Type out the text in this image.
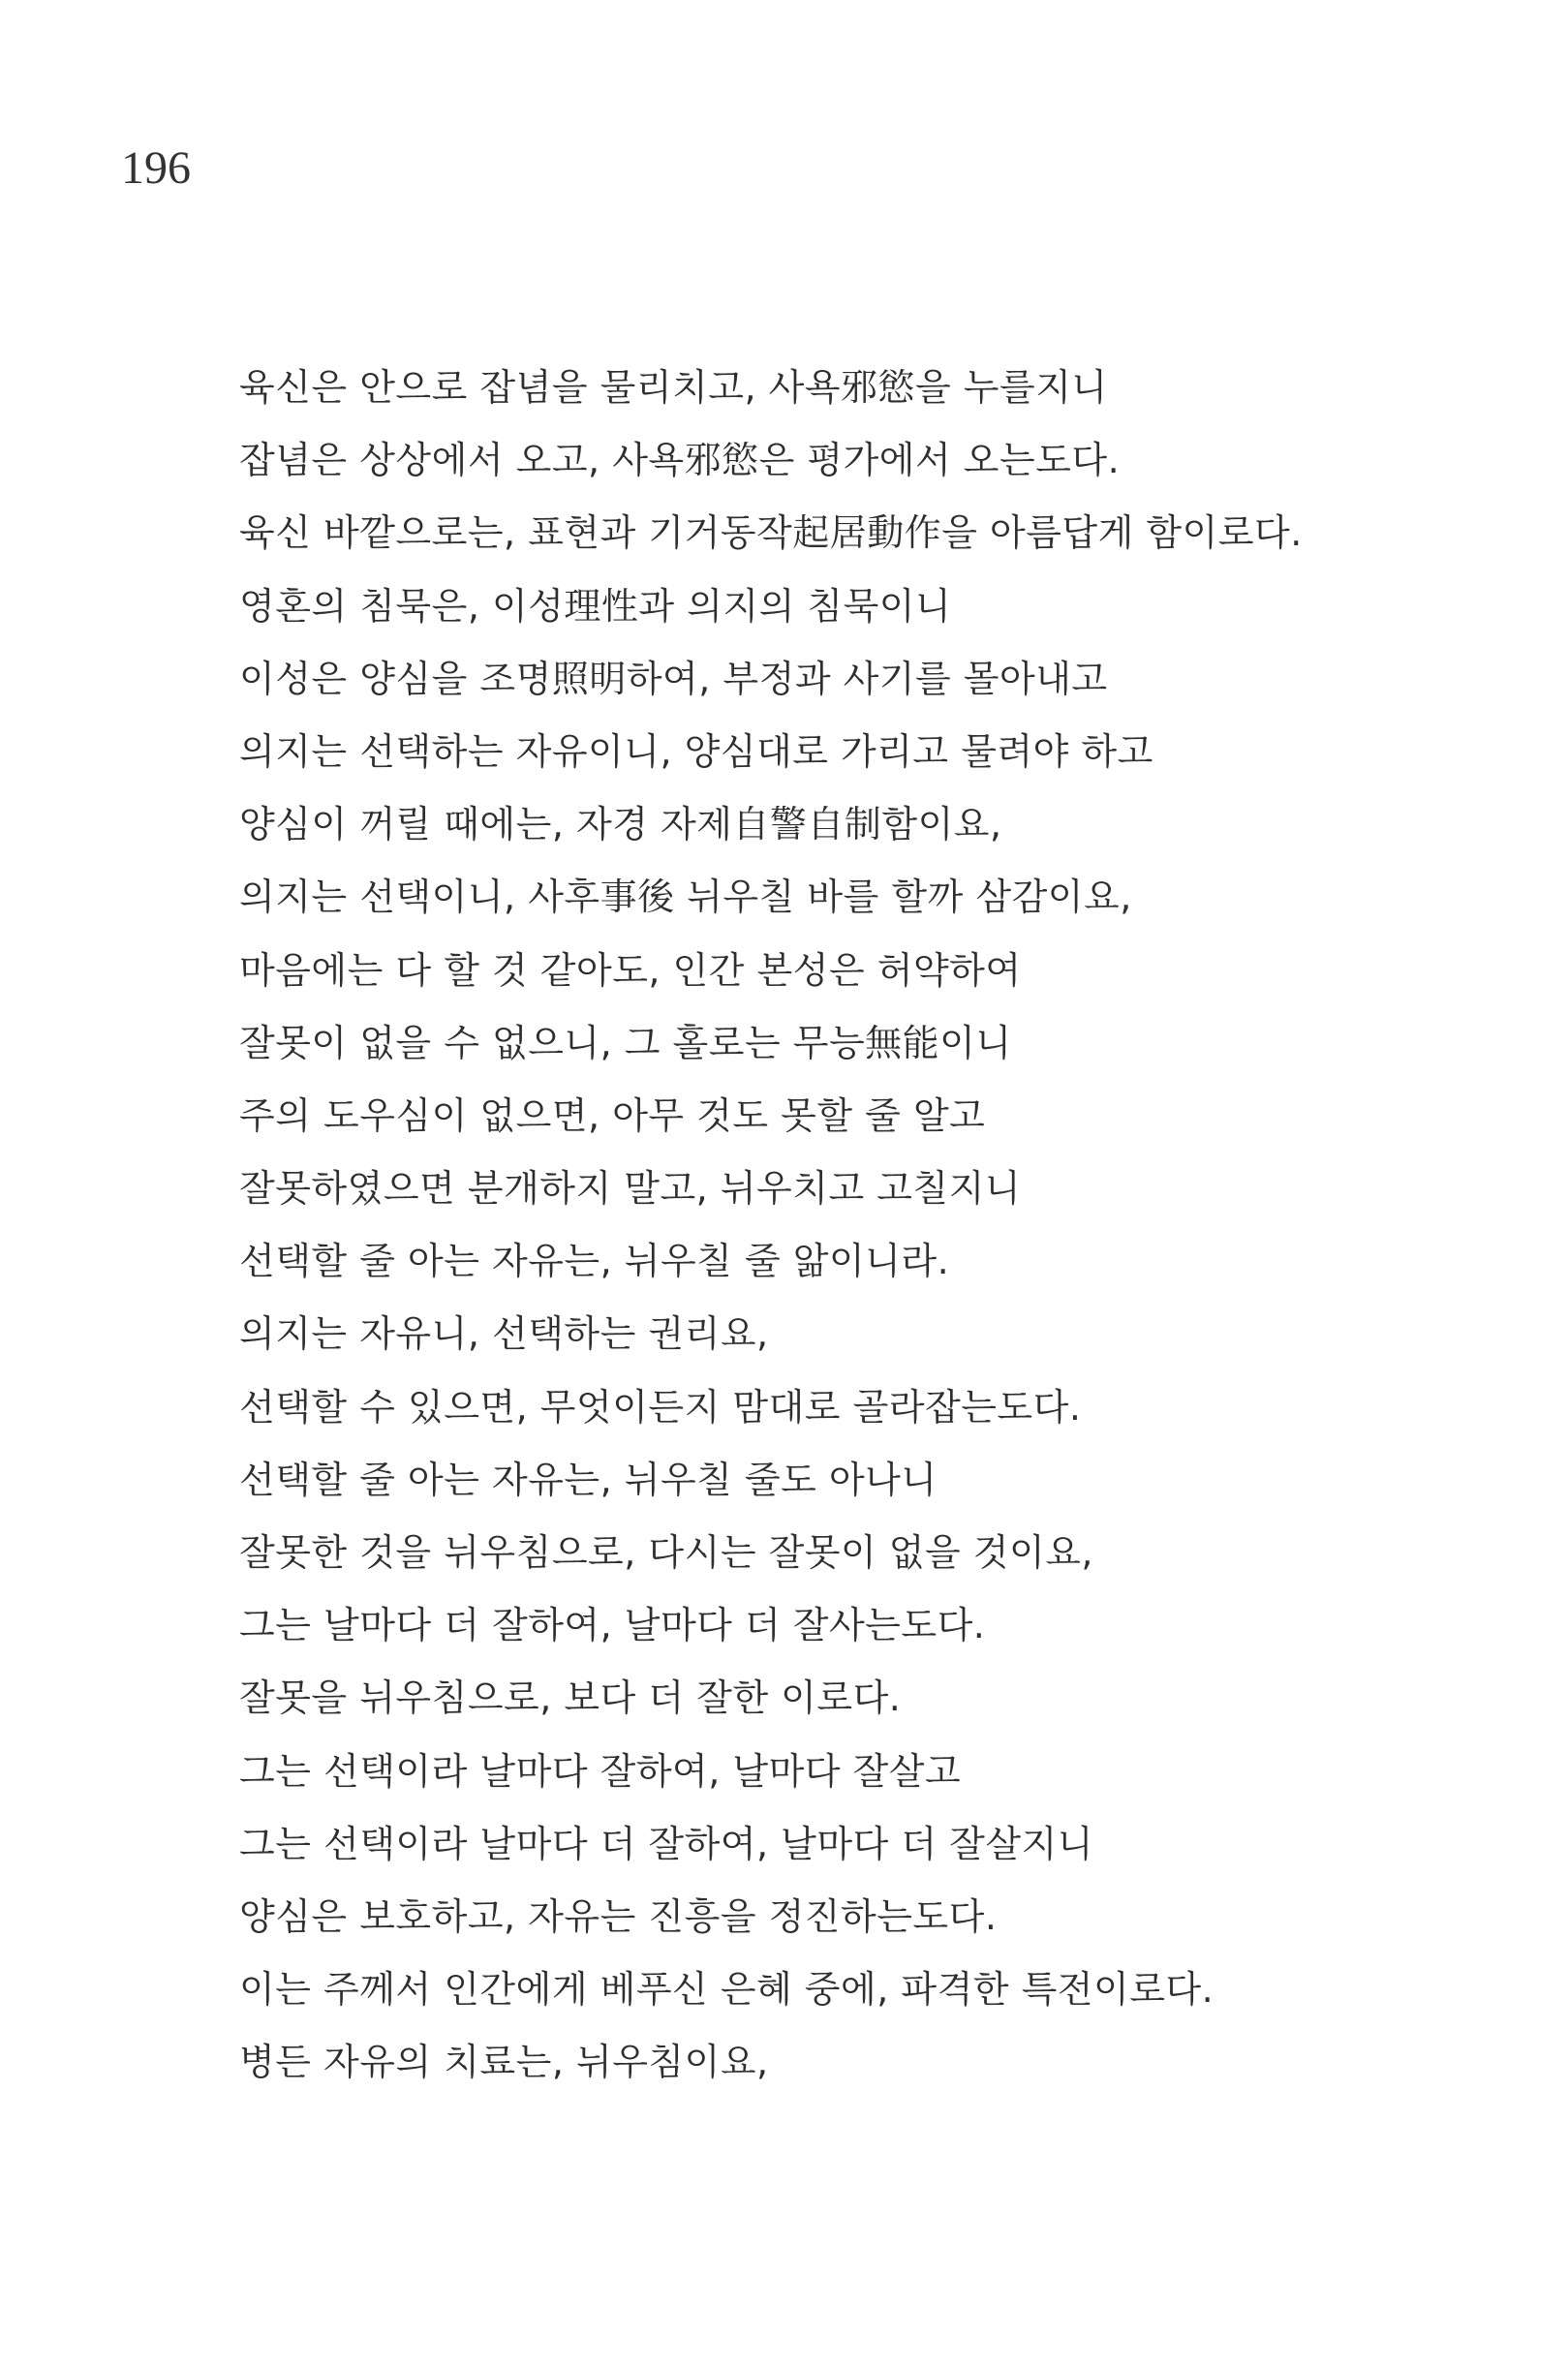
196
육신은 안으로 잡념을 물리치고, 사욕邪慾을 누를지니
잡념은 상상에서 오고, 사욕邪慾은 평가에서 오는도다.
육신 바깥으로는, 표현과 기거동작起居動作을 아름답게 함이로다.
영혼의 침묵은, 이성理性과 의지의 침묵이니
이성은 양심을 조명照明하여, 부정과 사기를 몰아내고
의지는 선택하는 자유이니, 양심대로 가리고 물려야 하고
양심이 꺼릴 때에는, 자경 자제自警自制함이요,
의지는 선택이니, 사후事後 뉘우칠 바를 할까 삼감이요,
마음에는 다 할 것 같아도, 인간 본성은 허약하여
잘못이 없을 수 없으니, 그 홀로는 무능無能이니
주의 도우심이 없으면, 아무 것도 못할 줄 알고
잘못하였으면 분개하지 말고, 뉘우치고 고칠지니
선택할 줄 아는 자유는, 뉘우칠 줄 앎이니라.
의지는 자유니, 선택하는 권리요,
선택할 수 있으면, 무엇이든지 맘대로 골라잡는도다.
선택할 줄 아는 자유는, 뉘우칠 줄도 아나니
잘못한 것을 뉘우침으로, 다시는 잘못이 없을 것이요,
그는 날마다 더 잘하여, 날마다 더 잘사는도다.
잘못을 뉘우침으로, 보다 더 잘한 이로다.
그는 선택이라 날마다 잘하여, 날마다 잘살고
그는 선택이라 날마다 더 잘하여, 날마다 더 잘살지니
양심은 보호하고, 자유는 진흥을 정진하는도다.
이는 주께서 인간에게 베푸신 은혜 중에, 파격한 특전이로다.
병든 자유의 치료는, 뉘우침이요,
